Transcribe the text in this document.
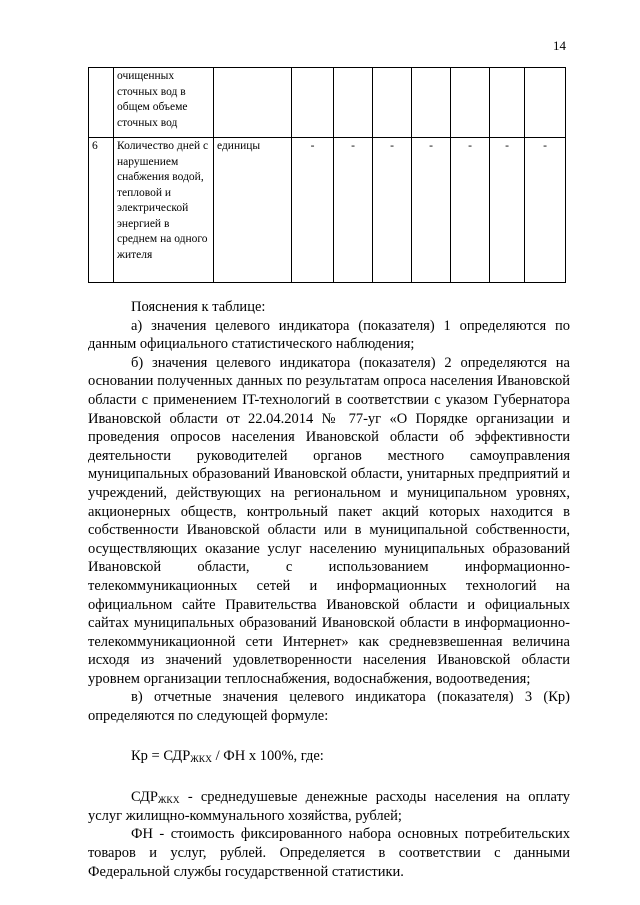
14
	очищенных сточных вод в общем объеме сточных вод								
6	Количество дней с нарушением снабжения водой, тепловой и электрической энергией в среднем на одного жителя	единицы	-	-	-	-	-	-	-

Пояснения к таблице:

а) значения целевого индикатора (показателя) 1 определяются по данным официального статистического наблюдения;

б) значения целевого индикатора (показателя) 2 определяются на основании полученных данных по результатам опроса населения Ивановской области с применением IT-технологий в соответствии с указом Губернатора Ивановской области от 22.04.2014 № 77-уг «О Порядке организации и проведения опросов населения Ивановской области об эффективности деятельности руководителей органов местного самоуправления муниципальных образований Ивановской области, унитарных предприятий и учреждений, действующих на региональном и муниципальном уровнях, акционерных обществ, контрольный пакет акций которых находится в собственности Ивановской области или в муниципальной собственности, осуществляющих оказание услуг населению муниципальных образований Ивановской области, с использованием информационно-телекоммуникационных сетей и информационных технологий на официальном сайте Правительства Ивановской области и официальных сайтах муниципальных образований Ивановской области в информационно-телекоммуникационной сети Интернет» как средневзвешенная величина исходя из значений удовлетворенности населения Ивановской области уровнем организации теплоснабжения, водоснабжения, водоотведения;

в) отчетные значения целевого индикатора (показателя) 3 (Кр) определяются по следующей формуле:

Кр = $СДР_{ЖКХ}$ / ФН x 100%, где:

$СДР_{ЖКХ}$ - среднедушевые денежные расходы населения на оплату услуг жилищно-коммунального хозяйства, рублей;

ФН - стоимость фиксированного набора основных потребительских товаров и услуг, рублей. Определяется в соответствии с данными Федеральной службы государственной статистики.
